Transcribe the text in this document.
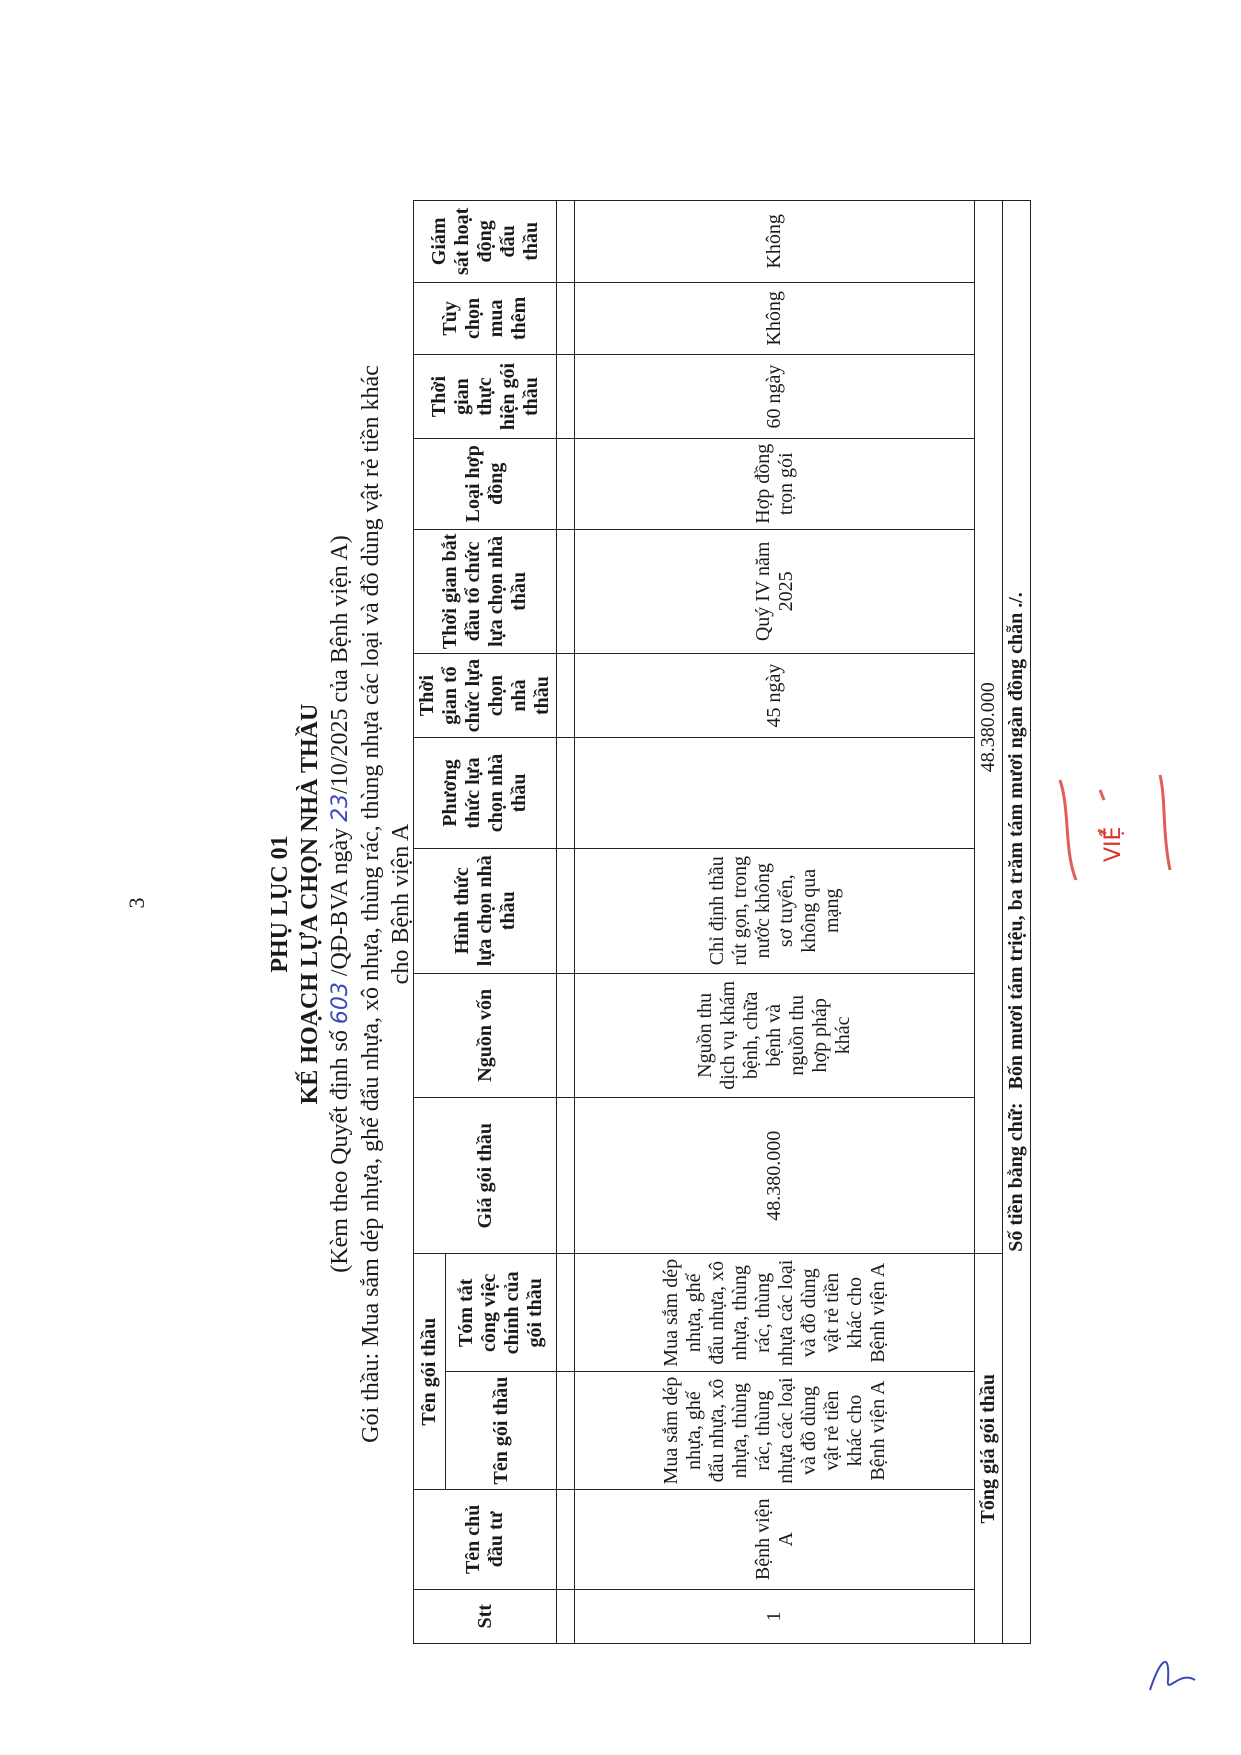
3	PHỤ LỤC 01 KẾ HOẠCH LỰA CHỌN NHÀ THẦU
(Kèm theo Quyết định số 603 /QĐ-BVA ngày 23/10/2025 của Bệnh viện A) Gói thầu: Mua sắm dép nhựa, ghế đẩu nhựa, xô nhựa, thùng rác, thùng nhựa các loại và đồ dùng vật rẻ tiền khác cho Bệnh viện A
Stt	Tên chủ đầu tư	Tên gói thầu		Giá gói thầu	Nguồn vốn	Hình thức lựa chọn nhà thầu	Phương thức lựa chọn nhà thầu	Thời gian tổ chức lựa chọn nhà thầu	Thời gian bắt đầu tổ chức lựa chọn nhà thầu	Loại hợp đồng	Thời gian thực hiện gói thầu	Tùy chọn mua thêm	Giám sát hoạt động đấu thầu
		Tên gói thầu	Tóm tắt công việc chính của gói thầu										

1	Bệnh viện A	Mua sắm dép nhựa, ghế đẩu nhựa, xô nhựa, thùng rác, thùng nhựa các loại và đồ dùng vật rẻ tiền khác cho Bệnh viện A	Mua sắm dép nhựa, ghế đẩu nhựa, xô nhựa, thùng rác, thùng nhựa các loại và đồ dùng vật rẻ tiền khác cho Bệnh viện A	48.380.000	Nguồn thu dịch vụ khám bệnh, chữa bệnh và nguồn thu hợp pháp khác	Chỉ định thầu rút gọn, trong nước không sơ tuyển, không qua mạng		45 ngày	Quý IV năm 2025	Hợp đồng trọn gói	60 ngày	Không	Không
Tổng giá gói thầu				48.380.000									
Số tiền bằng chữ: Bốn mươi tám triệu, ba trăm tám mươi ngàn đồng chẵn ./.														VIỆ
